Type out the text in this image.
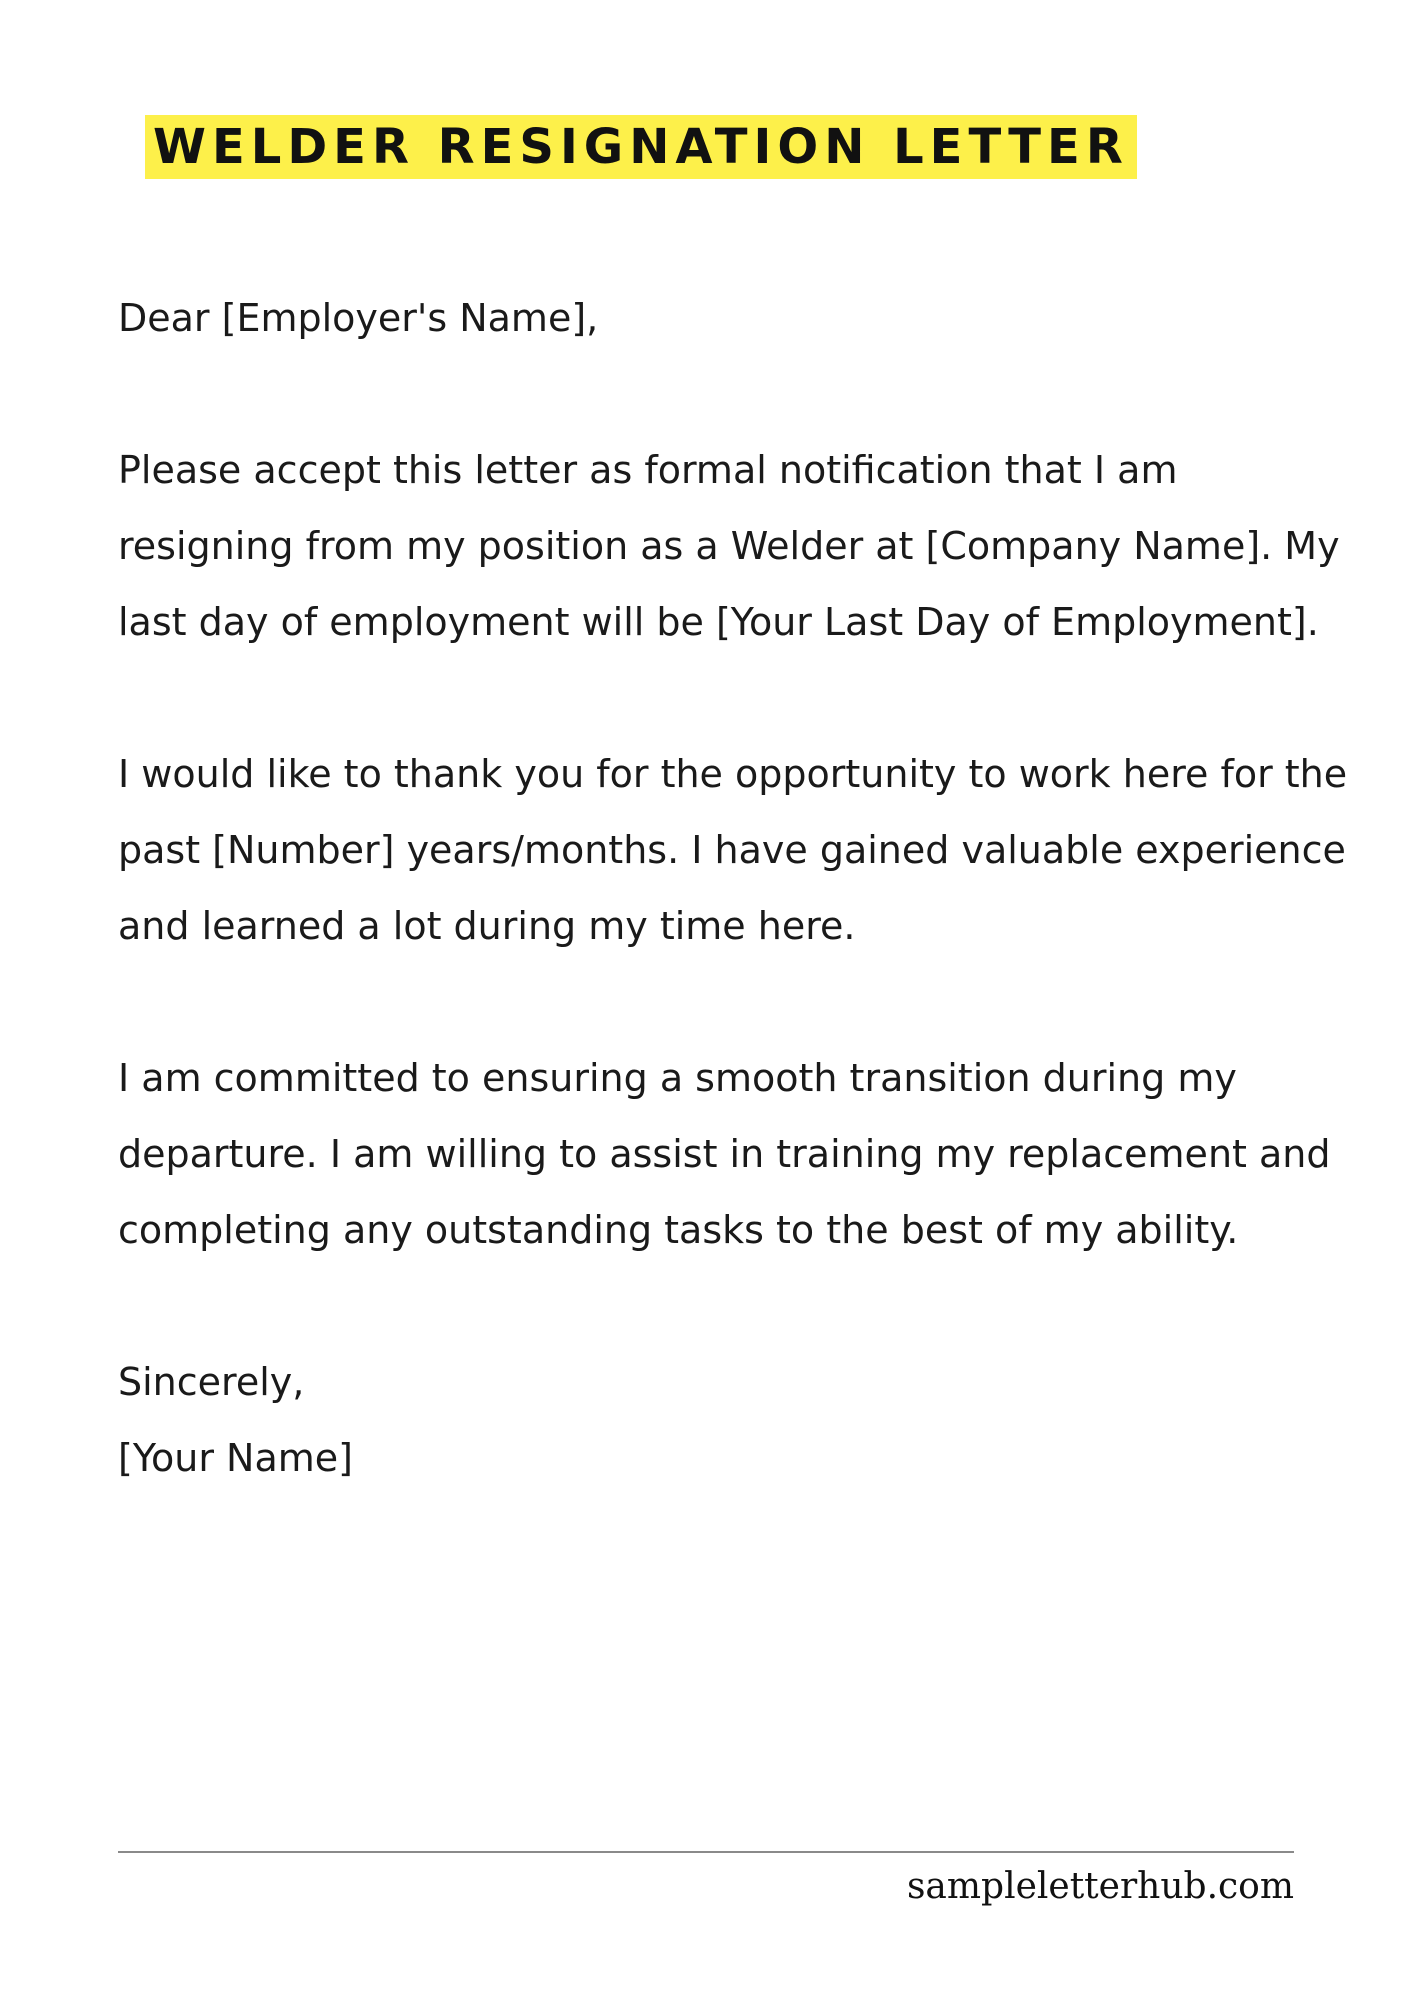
WELDER RESIGNATION LETTER

Dear [Employer's Name],

Please accept this letter as formal notification that I am resigning from my position as a Welder at [Company Name]. My last day of employment will be [Your Last Day of Employment].

I would like to thank you for the opportunity to work here for the past [Number] years/months. I have gained valuable experience and learned a lot during my time here.

I am committed to ensuring a smooth transition during my departure. I am willing to assist in training my replacement and completing any outstanding tasks to the best of my ability.

Sincerely,

[Your Name]

sampleletterhub.com
